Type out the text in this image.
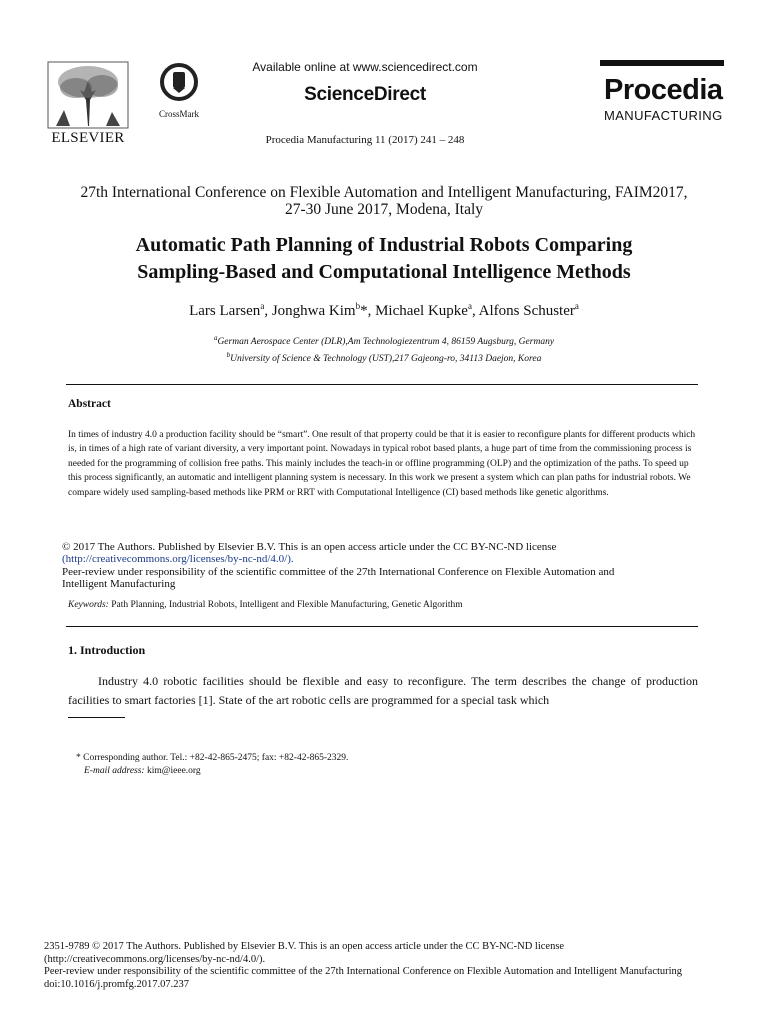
ELSEVIER
CrossMark
Available online at www.sciencedirect.com
ScienceDirect
Procedia Manufacturing 11 (2017) 241 – 248
Procedia
MANUFACTURING
27th International Conference on Flexible Automation and Intelligent Manufacturing, FAIM2017,
27-30 June 2017, Modena, Italy
Automatic Path Planning of Industrial Robots Comparing
Sampling-Based and Computational Intelligence Methods
Lars Larsen$^a$, Jonghwa Kim$^b$*, Michael Kupke$^a$, Alfons Schuster$^a$
$^a$German Aerospace Center (DLR),Am Technologiezentrum 4, 86159 Augsburg, Germany
$^b$University of Science & Technology (UST),217 Gajeong-ro, 34113 Daejon, Korea
Abstract
In times of industry 4.0 a production facility should be “smart”. One result of that property could be that it is easier to reconfigure plants for different products which is, in times of a high rate of variant diversity, a very important point. Nowadays in typical robot based plants, a huge part of time from the commissioning process is needed for the programming of collision free paths. This mainly includes the teach-in or offline programming (OLP) and the optimization of the paths. To speed up this process significantly, an automatic and intelligent planning system is necessary. In this work we present a system which can plan paths for industrial robots. We compare widely used sampling-based methods like PRM or RRT with Computational Intelligence (CI) based methods like genetic algorithms.
© 2017 The Authors. Published by Elsevier B.V. This is an open access article under the CC BY-NC-ND license
(http://creativecommons.org/licenses/by-nc-nd/4.0/).
Peer-review under responsibility of the scientific committee of the 27th International Conference on Flexible Automation and
Intelligent Manufacturing
Keywords: Path Planning, Industrial Robots, Intelligent and Flexible Manufacturing, Genetic Algorithm
1. Introduction
Industry 4.0 robotic facilities should be flexible and easy to reconfigure. The term describes the change of production facilities to smart factories [1]. State of the art robotic cells are programmed for a special task which
* Corresponding author. Tel.: +82-42-865-2475; fax: +82-42-865-2329.
E-mail address: kim@ieee.org
2351-9789 © 2017 The Authors. Published by Elsevier B.V. This is an open access article under the CC BY-NC-ND license
(http://creativecommons.org/licenses/by-nc-nd/4.0/).
Peer-review under responsibility of the scientific committee of the 27th International Conference on Flexible Automation and Intelligent Manufacturing
doi:10.1016/j.promfg.2017.07.237
